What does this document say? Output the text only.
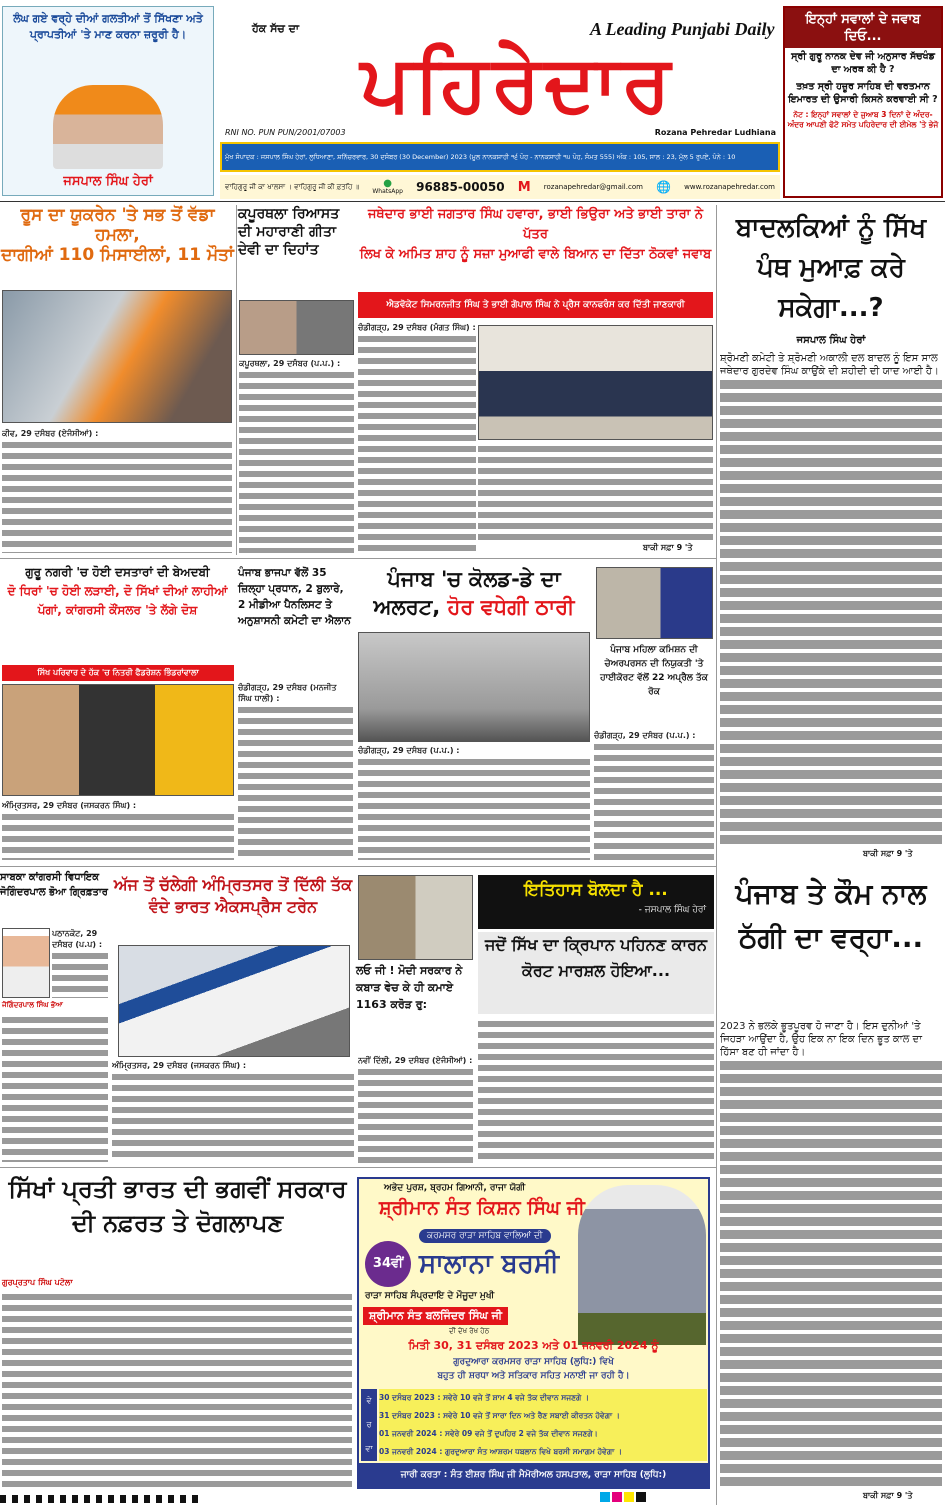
ਲੰਘ ਗਏ ਵਰ੍ਹੇ ਦੀਆਂ ਗਲਤੀਆਂ ਤੋਂ ਸਿੱਖਣਾ ਅਤੇ ਪ੍ਰਾਪਤੀਆਂ 'ਤੇ ਮਾਣ ਕਰਨਾ ਜ਼ਰੂਰੀ ਹੈ।
ਜਸਪਾਲ ਸਿੰਘ ਹੇਰਾਂ
ਹੱਕ ਸੱਚ ਦਾ
ਪਹਿਰੇਦਾਰ
A Leading Punjabi Daily
RNI NO. PUN PUN/2001/07003	Rozana Pehredar Ludhiana
ਮੁੱਖ ਸੰਪਾਦਕ : ਜਸਪਾਲ ਸਿੰਘ ਹੇਰਾਂ, ਲੁਧਿਆਣਾ, ਸ਼ਨਿੱਚਰਵਾਰ, 30 ਦਸੰਬਰ (30 December) 2023 (ਮੂਲ ਨਾਨਕਸ਼ਾਹੀ ੧੬ ਪੋਹ - ਨਾਨਕਸ਼ਾਹੀ ੧੫ ਪੋਹ, ਸੰਮਤ 555) ਅੰਕ : 105, ਸਾਲ : 23, ਮੁੱਲ 5 ਰੁਪਏ, ਪੰਨੇ : 10
ਵਾਹਿਗੁਰੂ ਜੀ ਕਾ ਖਾਲਸਾ । ਵਾਹਿਗੁਰੂ ਜੀ ਕੀ ਫ਼ਤਹਿ ॥ ●
WhatsApp 96885-00050 M rozanapehredar@gmail.com 🌐 www.rozanapehredar.com
ਇਨ੍ਹਾਂ ਸਵਾਲਾਂ ਦੇ ਜਵਾਬ ਦਿਓ...
ਸ੍ਰੀ ਗੁਰੂ ਨਾਨਕ ਦੇਵ ਜੀ ਅਨੁਸਾਰ ਸੱਚਖੰਡ ਦਾ ਅਰਥ ਕੀ ਹੈ ?
ਤਖ਼ਤ ਸ੍ਰੀ ਹਜ਼ੂਰ ਸਾਹਿਬ ਦੀ ਵਰਤਮਾਨ ਇਮਾਰਤ ਦੀ ਉਸਾਰੀ ਕਿਸਨੇ ਕਰਵਾਈ ਸੀ ?
ਨੋਟ : ਇਨ੍ਹਾਂ ਸਵਾਲਾਂ ਦੇ ਜੁਆਬ 3 ਦਿਨਾਂ ਦੇ ਅੰਦਰ-ਅੰਦਰ ਆਪਣੀ ਫੋਟੋ ਸਮੇਤ ਪਹਿਰੇਦਾਰ ਦੀ ਈਮੇਲ 'ਤੇ ਭੇਜੋ
ਰੂਸ ਦਾ ਯੂਕਰੇਨ 'ਤੇ ਸਭ ਤੋਂ ਵੱਡਾ ਹਮਲਾ,
ਦਾਗੀਆਂ 110 ਮਿਸਾਈਲਾਂ, 11 ਮੌਤਾਂ
ਕੀਵ, 29 ਦਸੰਬਰ (ਏਜੰਸੀਆਂ) :
ਕਪੂਰਥਲਾ ਰਿਆਸਤ ਦੀ ਮਹਾਰਾਣੀ ਗੀਤਾ ਦੇਵੀ ਦਾ ਦਿਹਾਂਤ
ਕਪੂਰਥਲਾ, 29 ਦਸੰਬਰ (ਪ.ਪ.) :
ਜਥੇਦਾਰ ਭਾਈ ਜਗਤਾਰ ਸਿੰਘ ਹਵਾਰਾ, ਭਾਈ ਭਿਉਰਾ ਅਤੇ ਭਾਈ ਤਾਰਾ ਨੇ ਪੱਤਰ
ਲਿਖ ਕੇ ਅਮਿਤ ਸ਼ਾਹ ਨੂੰ ਸਜ਼ਾ ਮੁਆਫੀ ਵਾਲੇ ਬਿਆਨ ਦਾ ਦਿੱਤਾ ਠੋਕਵਾਂ ਜਵਾਬ
ਐਡਵੋਕੇਟ ਸਿਮਰਨਜੀਤ ਸਿੰਘ ਤੇ ਭਾਈ ਗੋਪਾਲ ਸਿੰਘ ਨੇ ਪ੍ਰੈਸ ਕਾਨਫਰੰਸ ਕਰ ਦਿੱਤੀ ਜਾਣਕਾਰੀ
ਚੰਡੀਗੜ੍ਹ, 29 ਦਸੰਬਰ (ਮੰਗਤ ਸਿੰਘ) :
ਬਾਕੀ ਸਫ਼ਾ 9 'ਤੇ
ਬਾਦਲਕਿਆਂ ਨੂੰ ਸਿੱਖ ਪੰਥ ਮੁਆਫ਼ ਕਰੇ ਸਕੇਗਾ...?
ਜਸਪਾਲ ਸਿੰਘ ਹੇਰਾਂ
ਸ਼੍ਰੋਮਣੀ ਕਮੇਟੀ ਤੇ ਸ਼੍ਰੋਮਣੀ ਅਕਾਲੀ ਦਲ ਬਾਦਲ ਨੂੰ ਇਸ ਸਾਲ ਜਥੇਦਾਰ ਗੁਰਦੇਵ ਸਿੰਘ ਕਾਉਂਕੇ ਦੀ ਸ਼ਹੀਦੀ ਦੀ ਯਾਦ ਆਈ ਹੈ।
ਬਾਕੀ ਸਫ਼ਾ 9 'ਤੇ
ਪੰਜਾਬ ਤੇ ਕੌਮ ਨਾਲ ਠੱਗੀ ਦਾ ਵਰ੍ਹਾ...
2023 ਨੇ ਭਲਕੇ ਭੂਤਪੂਰਵ ਹੋ ਜਾਣਾ ਹੈ। ਇਸ ਦੁਨੀਆਂ 'ਤੇ ਜਿਹੜਾ ਆਉਂਦਾ ਹੈ, ਉਹ ਇਕ ਨਾ ਇਕ ਦਿਨ ਭੂਤ ਕਾਲ ਦਾ ਹਿੱਸਾ ਬਣ ਹੀ ਜਾਂਦਾ ਹੈ।
ਬਾਕੀ ਸਫ਼ਾ 9 'ਤੇ
ਗੁਰੂ ਨਗਰੀ 'ਚ ਹੋਈ ਦਸਤਾਰਾਂ ਦੀ ਬੇਅਦਬੀ
ਦੋ ਧਿਰਾਂ 'ਚ ਹੋਈ ਲੜਾਈ, ਦੋ ਸਿੱਖਾਂ ਦੀਆਂ ਲਾਹੀਆਂ ਪੱਗਾਂ, ਕਾਂਗਰਸੀ ਕੌਂਸਲਰ 'ਤੇ ਲੱਗੇ ਦੋਸ਼
ਸਿੱਖ ਪਰਿਵਾਰ ਦੇ ਹੱਕ 'ਚ ਨਿਤਰੀ ਫੈਡਰੇਸ਼ਨ ਭਿੰਡਰਾਂਵਾਲਾ
ਅੰਮ੍ਰਿਤਸਰ, 29 ਦਸੰਬਰ (ਜਸਕਰਨ ਸਿੰਘ) :
ਪੰਜਾਬ ਭਾਜਪਾ ਵੱਲੋਂ 35 ਜ਼ਿਲ੍ਹਾ ਪ੍ਰਧਾਨ, 2 ਬੁਲਾਰੇ, 2 ਮੀਡੀਆ ਪੈਨਲਿਸਟ ਤੇ ਅਨੁਸ਼ਾਸਨੀ ਕਮੇਟੀ ਦਾ ਐਲਾਨ
ਚੰਡੀਗੜ੍ਹ, 29 ਦਸੰਬਰ (ਮਨਜੀਤ ਸਿੰਘ ਧਾਲੀ) :
ਪੰਜਾਬ 'ਚ ਕੋਲਡ-ਡੇ ਦਾ
ਅਲਰਟ, ਹੋਰ ਵਧੇਗੀ ਠਾਰੀ
ਚੰਡੀਗੜ੍ਹ, 29 ਦਸੰਬਰ (ਪ.ਪ.) :
ਪੰਜਾਬ ਮਹਿਲਾ ਕਮਿਸ਼ਨ ਦੀ ਚੇਅਰਪਰਸਨ ਦੀ ਨਿਯੁਕਤੀ 'ਤੇ ਹਾਈਕੋਰਟ ਵੱਲੋਂ 22 ਅਪ੍ਰੈਲ ਤੱਕ ਰੋਕ
ਚੰਡੀਗੜ੍ਹ, 29 ਦਸੰਬਰ (ਪ.ਪ.) :
ਸਾਬਕਾ ਕਾਂਗਰਸੀ ਵਿਧਾਇਕ ਜੋਗਿੰਦਰਪਾਲ ਭੋਆ ਗ੍ਰਿਫ਼ਤਾਰ
ਜੋਗਿੰਦਰਪਾਲ ਸਿੰਘ ਭੋਆ
ਪਠਾਨਕੋਟ, 29 ਦਸੰਬਰ (ਪ.ਪ) :
ਅੱਜ ਤੋਂ ਚੱਲੇਗੀ ਅੰਮ੍ਰਿਤਸਰ ਤੋਂ ਦਿੱਲੀ ਤੱਕ ਵੰਦੇ ਭਾਰਤ ਐਕਸਪ੍ਰੈਸ ਟਰੇਨ
ਅੰਮ੍ਰਿਤਸਰ, 29 ਦਸੰਬਰ (ਜਸਕਰਨ ਸਿੰਘ) :
ਲਓ ਜੀ ! ਮੋਦੀ ਸਰਕਾਰ ਨੇ ਕਬਾੜ ਵੇਚ ਕੇ ਹੀ ਕਮਾਏ 1163 ਕਰੋੜ ਰੁ:
ਨਵੀਂ ਦਿੱਲੀ, 29 ਦਸੰਬਰ (ਏਜੰਸੀਆਂ) :
ਇਤਿਹਾਸ ਬੋਲਦਾ ਹੈ ...
- ਜਸਪਾਲ ਸਿੰਘ ਹੇਰਾਂ
ਜਦੋਂ ਸਿੱਖ ਦਾ ਕ੍ਰਿਪਾਨ ਪਹਿਨਣ ਕਾਰਨ ਕੋਰਟ ਮਾਰਸ਼ਲ ਹੋਇਆ...
ਸਿੱਖਾਂ ਪ੍ਰਤੀ ਭਾਰਤ ਦੀ ਭਗਵੀਂ ਸਰਕਾਰ ਦੀ ਨਫ਼ਰਤ ਤੇ ਦੋਗਲਾਪਣ
ਗੁਰਪ੍ਰਤਾਪ ਸਿੰਘ ਪਟੋਲਾ
ਅਭੇਦ ਪੁਰਸ਼, ਬ੍ਰਹਮ ਗਿਆਨੀ, ਰਾਜਾ ਯੋਗੀ
ਸ਼੍ਰੀਮਾਨ ਸੰਤ ਕਿਸ਼ਨ ਸਿੰਘ ਜੀ
ਕਰਮਸਰ ਰਾੜਾ ਸਾਹਿਬ ਵਾਲਿਆਂ ਦੀ
34ਵੀਂ ਸਾਲਾਨਾ ਬਰਸੀ
ਰਾੜਾ ਸਾਹਿਬ ਸੰਪ੍ਰਦਾਇ ਦੇ ਮੌਜੂਦਾ ਮੁਖੀ
ਸ਼੍ਰੀਮਾਨ ਸੰਤ ਬਲਜਿੰਦਰ ਸਿੰਘ ਜੀ
ਦੀ ਦੇਖ ਰੇਖ ਹੇਠ
ਮਿਤੀ 30, 31 ਦਸੰਬਰ 2023 ਅਤੇ 01 ਜਨਵਰੀ 2024 ਨੂੰ
ਗੁਰਦੁਆਰਾ ਕਰਮਸਰ ਰਾੜਾ ਸਾਹਿਬ (ਲੁਧਿ:) ਵਿਖੇ
ਬਹੁਤ ਹੀ ਸ਼ਰਧਾ ਅਤੇ ਸਤਿਕਾਰ ਸਹਿਤ ਮਨਾਈ ਜਾ ਰਹੀ ਹੈ।
ਵੇ
ਰ
ਵਾ
30 ਦਸੰਬਰ 2023 : ਸਵੇਰੇ 10 ਵਜੇ ਤੋਂ ਸ਼ਾਮ 4 ਵਜੇ ਤੱਕ ਦੀਵਾਨ ਸਜਣਗੇ ।
31 ਦਸੰਬਰ 2023 : ਸਵੇਰੇ 10 ਵਜੇ ਤੋਂ ਸਾਰਾ ਦਿਨ ਅਤੇ ਰੈਣ ਸਬਾਈ ਕੀਰਤਨ ਹੋਵੇਗਾ ।
01 ਜਨਵਰੀ 2024 : ਸਵੇਰੇ 09 ਵਜੇ ਤੋਂ ਦੁਪਹਿਰ 2 ਵਜੇ ਤੱਕ ਦੀਵਾਨ ਸਜਣਗੇ।
03 ਜਨਵਰੀ 2024 : ਗੁਰਦੁਆਰਾ ਸੰਤ ਆਸ਼ਰਮ ਧਬਲਾਨ ਵਿਖੇ ਬਰਸੀ ਸਮਾਗਮ ਹੋਵੇਗਾ ।
ਜਾਰੀ ਕਰਤਾ : ਸੰਤ ਈਸ਼ਰ ਸਿੰਘ ਜੀ ਮੈਮੋਰੀਅਲ ਹਸਪਤਾਲ, ਰਾੜਾ ਸਾਹਿਬ (ਲੁਧਿ:)
